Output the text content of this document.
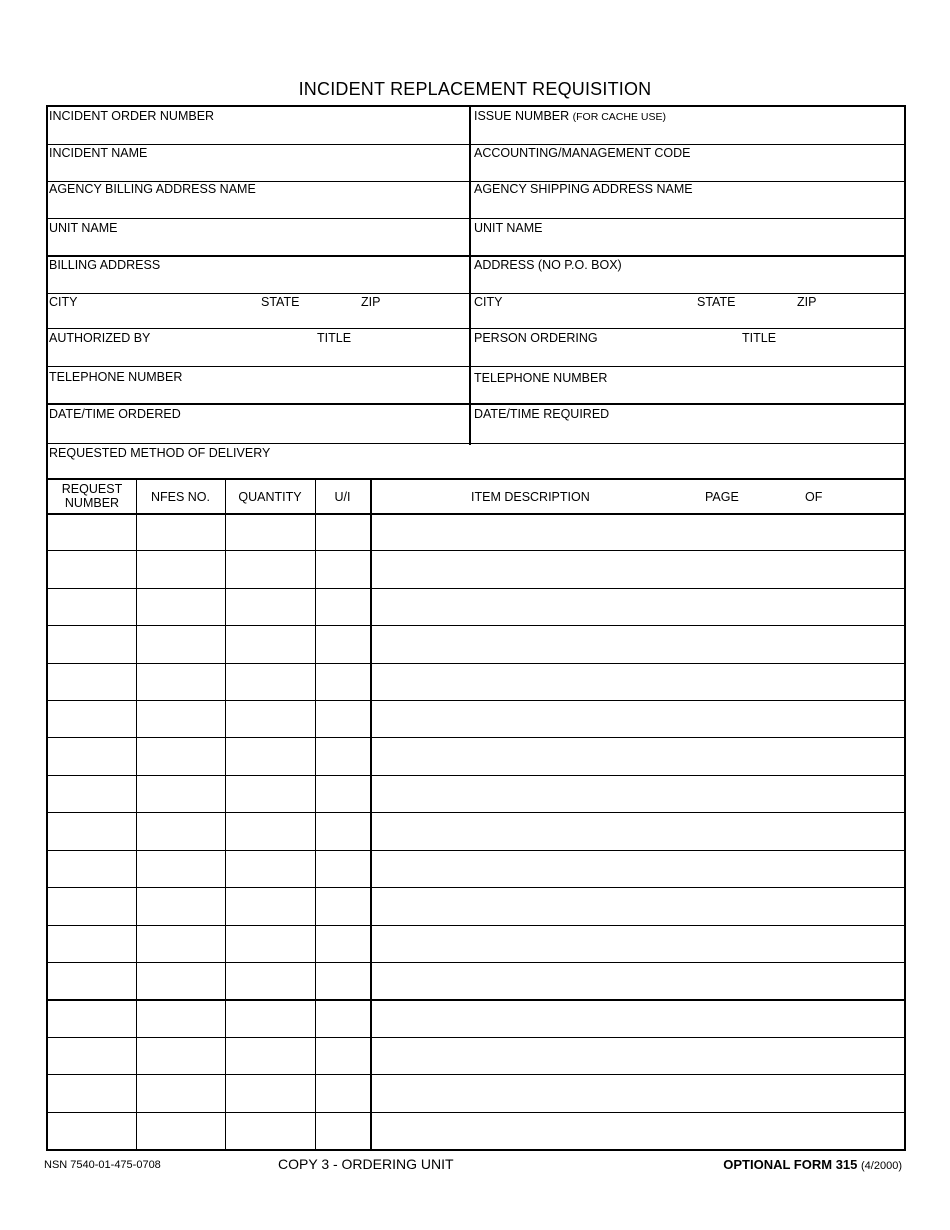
INCIDENT REPLACEMENT REQUISITION
INCIDENT ORDER NUMBER
INCIDENT NAME
AGENCY BILLING ADDRESS NAME
UNIT NAME
BILLING ADDRESS
CITY	STATE	ZIP
AUTHORIZED BY	TITLE
TELEPHONE NUMBER
DATE/TIME ORDERED
ISSUE NUMBER (FOR CACHE USE)
ACCOUNTING/MANAGEMENT CODE
AGENCY SHIPPING ADDRESS NAME
UNIT NAME
ADDRESS (NO P.O. BOX)
CITY	STATE	ZIP
PERSON ORDERING	TITLE
TELEPHONE NUMBER
DATE/TIME REQUIRED
REQUESTED METHOD OF DELIVERY
REQUEST
NUMBER	NFES NO.	QUANTITY	U/I	ITEM DESCRIPTION	PAGE	OF
NSN 7540-01-475-0708	COPY 3 - ORDERING UNIT	OPTIONAL FORM 315 (4/2000)
